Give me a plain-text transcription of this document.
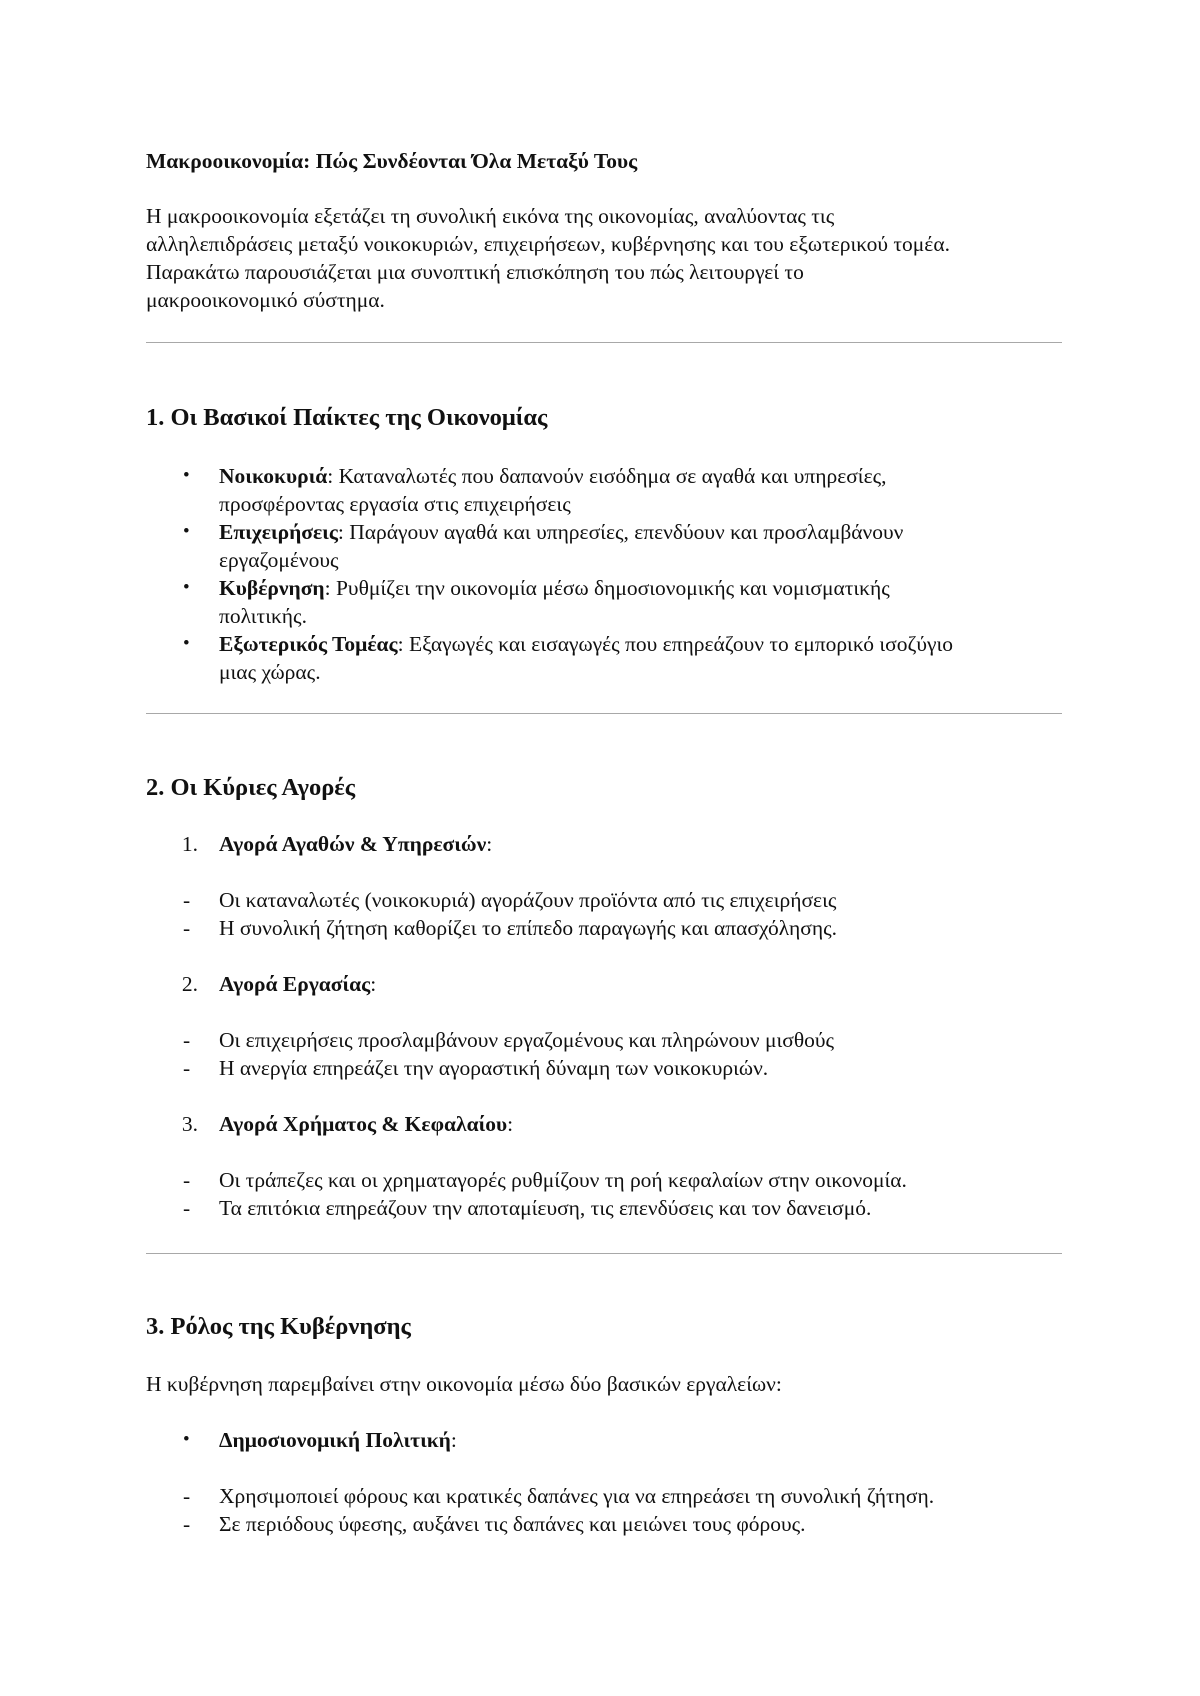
Μακροοικονομία: Πώς Συνδέονται Όλα Μεταξύ Τους
Η μακροοικονομία εξετάζει τη συνολική εικόνα της οικονομίας, αναλύοντας τις
αλληλεπιδράσεις μεταξύ νοικοκυριών, επιχειρήσεων, κυβέρνησης και του εξωτερικού τομέα.
Παρακάτω παρουσιάζεται μια συνοπτική επισκόπηση του πώς λειτουργεί το
μακροοικονομικό σύστημα.
1. Οι Βασικοί Παίκτες της Οικονομίας
• Νοικοκυριά: Καταναλωτές που δαπανούν εισόδημα σε αγαθά και υπηρεσίες,
προσφέροντας εργασία στις επιχειρήσεις
• Επιχειρήσεις: Παράγουν αγαθά και υπηρεσίες, επενδύουν και προσλαμβάνουν
εργαζομένους
• Κυβέρνηση: Ρυθμίζει την οικονομία μέσω δημοσιονομικής και νομισματικής
πολιτικής.
• Εξωτερικός Τομέας: Εξαγωγές και εισαγωγές που επηρεάζουν το εμπορικό ισοζύγιο
μιας χώρας.
2. Οι Κύριες Αγορές
1. Αγορά Αγαθών & Υπηρεσιών:
- Οι καταναλωτές (νοικοκυριά) αγοράζουν προϊόντα από τις επιχειρήσεις
- Η συνολική ζήτηση καθορίζει το επίπεδο παραγωγής και απασχόλησης.
2. Αγορά Εργασίας:
- Οι επιχειρήσεις προσλαμβάνουν εργαζομένους και πληρώνουν μισθούς
- Η ανεργία επηρεάζει την αγοραστική δύναμη των νοικοκυριών.
3. Αγορά Χρήματος & Κεφαλαίου:
- Οι τράπεζες και οι χρηματαγορές ρυθμίζουν τη ροή κεφαλαίων στην οικονομία.
- Τα επιτόκια επηρεάζουν την αποταμίευση, τις επενδύσεις και τον δανεισμό.
3. Ρόλος της Κυβέρνησης
Η κυβέρνηση παρεμβαίνει στην οικονομία μέσω δύο βασικών εργαλείων:
• Δημοσιονομική Πολιτική:
- Χρησιμοποιεί φόρους και κρατικές δαπάνες για να επηρεάσει τη συνολική ζήτηση.
- Σε περιόδους ύφεσης, αυξάνει τις δαπάνες και μειώνει τους φόρους.
